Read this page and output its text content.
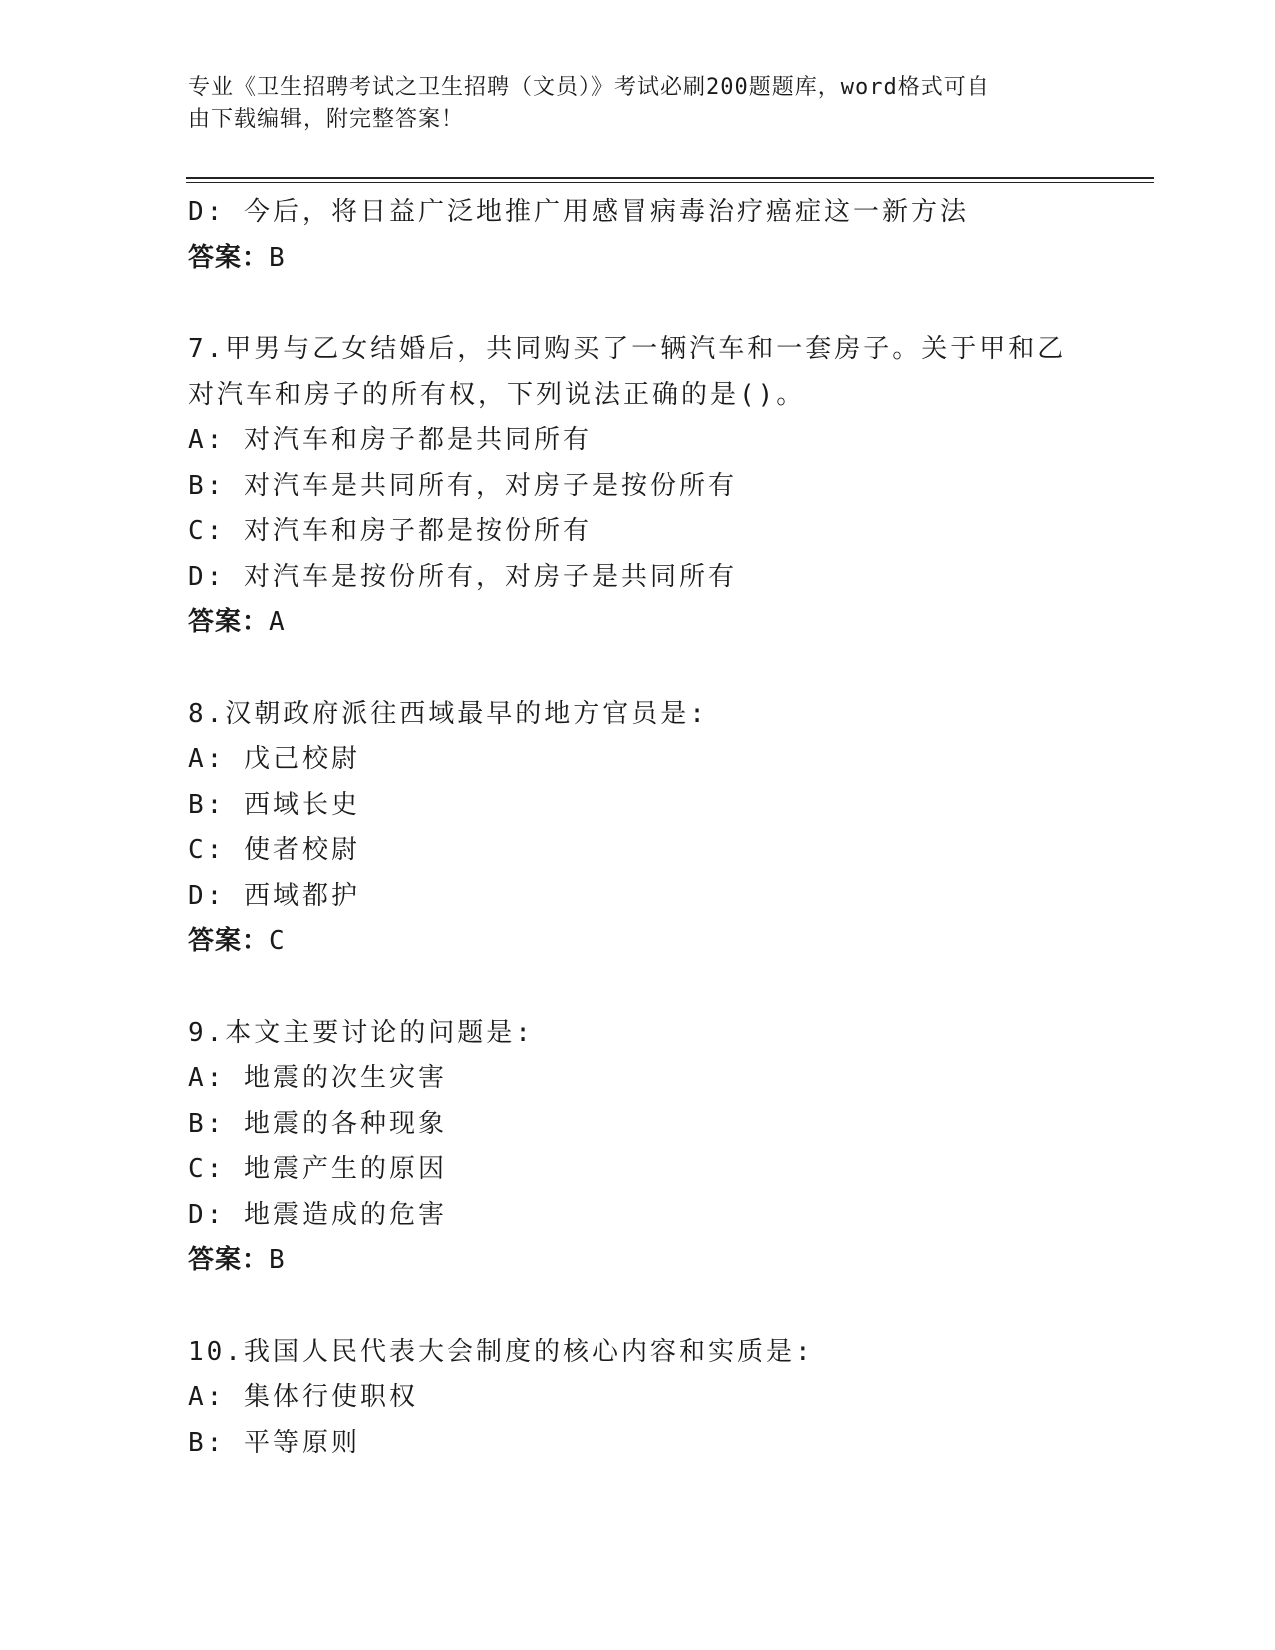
专业《卫生招聘考试之卫生招聘（文员）》考试必刷200题题库，word格式可自
由下载编辑，附完整答案！
D: 今后，将日益广泛地推广用感冒病毒治疗癌症这一新方法
答案：B
7.甲男与乙女结婚后，共同购买了一辆汽车和一套房子。关于甲和乙
对汽车和房子的所有权，下列说法正确的是()。
A: 对汽车和房子都是共同所有
B: 对汽车是共同所有，对房子是按份所有
C: 对汽车和房子都是按份所有
D: 对汽车是按份所有，对房子是共同所有
答案：A
8.汉朝政府派往西域最早的地方官员是:
A: 戊己校尉
B: 西域长史
C: 使者校尉
D: 西域都护
答案：C
9.本文主要讨论的问题是:
A: 地震的次生灾害
B: 地震的各种现象
C: 地震产生的原因
D: 地震造成的危害
答案：B
10.我国人民代表大会制度的核心内容和实质是:
A: 集体行使职权
B: 平等原则
